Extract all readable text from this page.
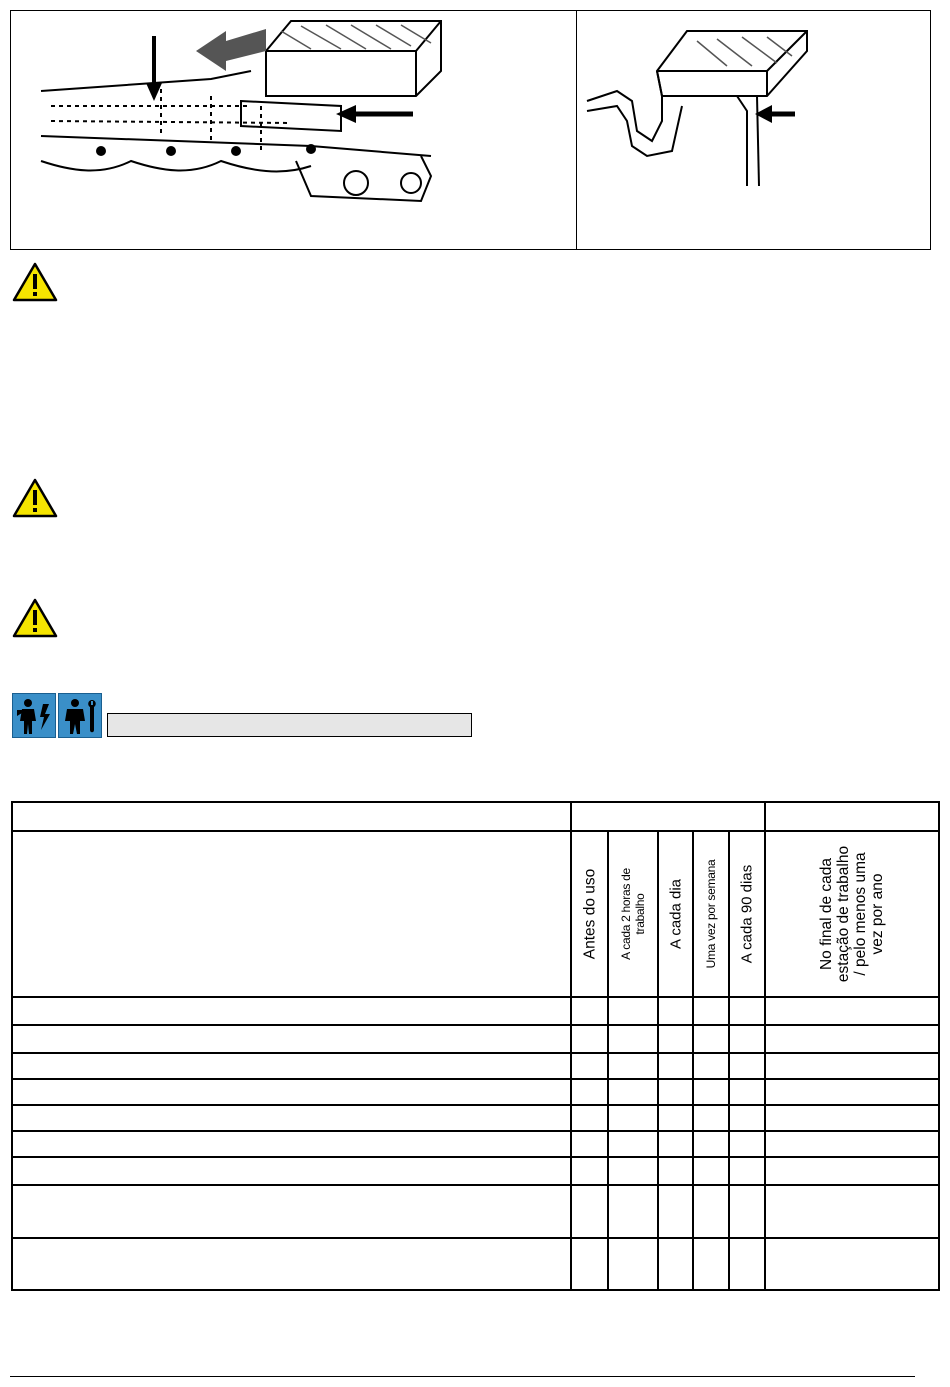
	Antes do uso	A cada 2 horas de
trabalho	A cada dia	Uma vez por semana	A cada 90 dias	No final de cada
estação de trabalho
/ pelo menos uma
vez por ano
